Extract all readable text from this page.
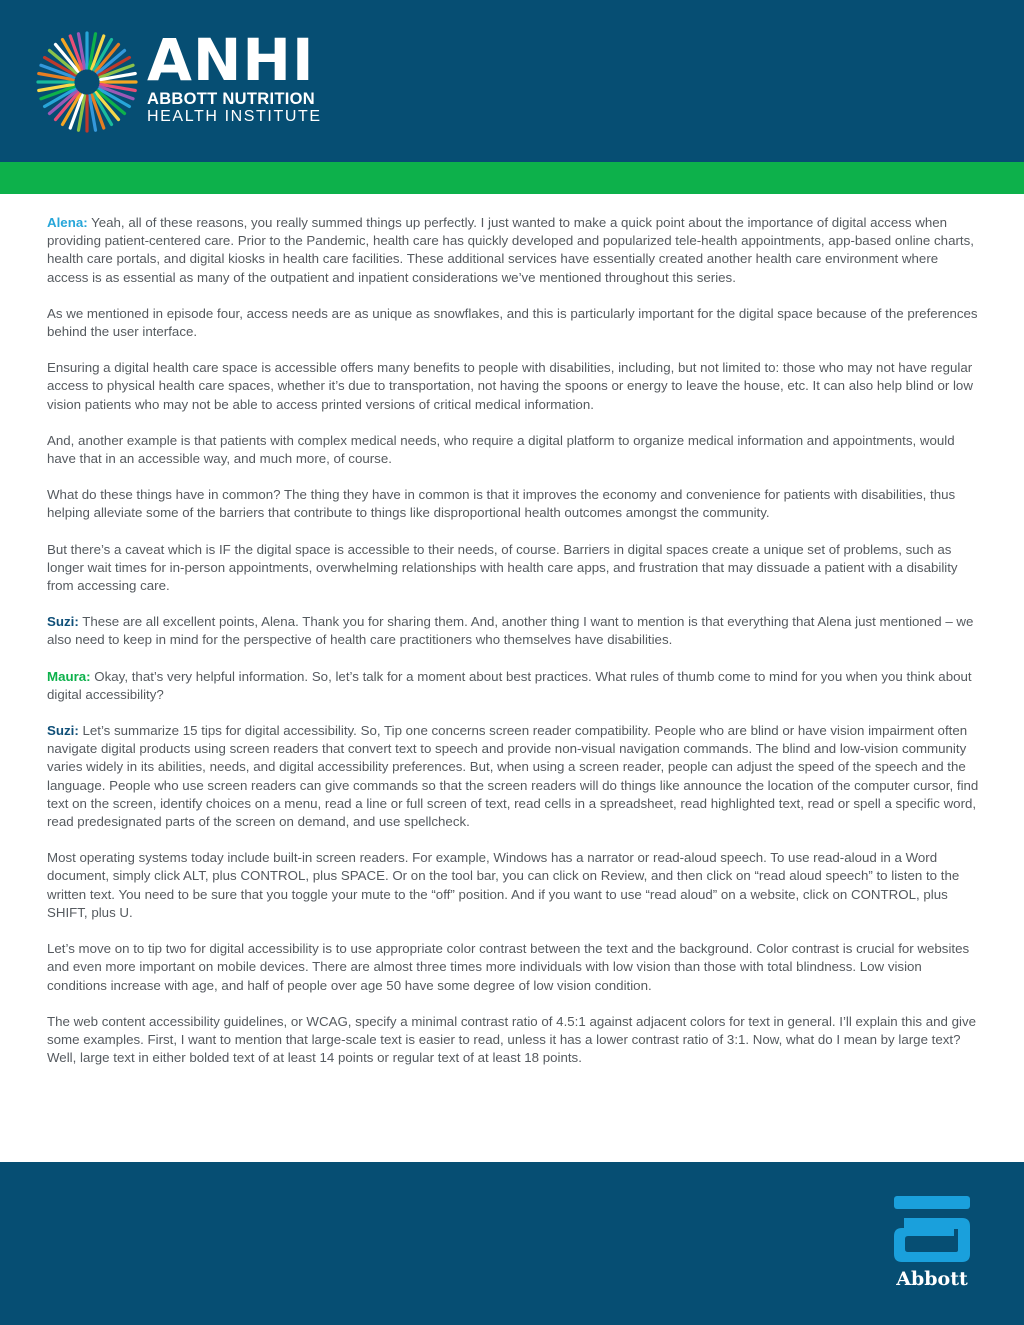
ANHI
ABBOTT NUTRITION
HEALTH INSTITUTE

Alena: Yeah, all of these reasons, you really summed things up perfectly. I just wanted to make a quick point about the importance of digital access when providing patient-centered care. Prior to the Pandemic, health care has quickly developed and popularized tele-health appointments, app-based online charts, health care portals, and digital kiosks in health care facilities. These additional services have essentially created another health care environment where access is as essential as many of the outpatient and inpatient considerations we’ve mentioned throughout this series.

As we mentioned in episode four, access needs are as unique as snowflakes, and this is particularly important for the digital space because of the preferences behind the user interface.

Ensuring a digital health care space is accessible offers many benefits to people with disabilities, including, but not limited to: those who may not have regular access to physical health care spaces, whether it’s due to transportation, not having the spoons or energy to leave the house, etc. It can also help blind or low vision patients who may not be able to access printed versions of critical medical information.

And, another example is that patients with complex medical needs, who require a digital platform to organize medical information and appointments, would have that in an accessible way, and much more, of course.

What do these things have in common? The thing they have in common is that it improves the economy and convenience for patients with disabilities, thus helping alleviate some of the barriers that contribute to things like disproportional health outcomes amongst the community.

But there’s a caveat which is IF the digital space is accessible to their needs, of course. Barriers in digital spaces create a unique set of problems, such as longer wait times for in-person appointments, overwhelming relationships with health care apps, and frustration that may dissuade a patient with a disability from accessing care.

Suzi: These are all excellent points, Alena. Thank you for sharing them. And, another thing I want to mention is that everything that Alena just mentioned – we also need to keep in mind for the perspective of health care practitioners who themselves have disabilities.

Maura: Okay, that’s very helpful information. So, let’s talk for a moment about best practices. What rules of thumb come to mind for you when you think about digital accessibility?

Suzi: Let’s summarize 15 tips for digital accessibility. So, Tip one concerns screen reader compatibility. People who are blind or have vision impairment often navigate digital products using screen readers that convert text to speech and provide non-visual navigation commands. The blind and low-vision community varies widely in its abilities, needs, and digital accessibility preferences. But, when using a screen reader, people can adjust the speed of the speech and the language. People who use screen readers can give commands so that the screen readers will do things like announce the location of the computer cursor, find text on the screen, identify choices on a menu, read a line or full screen of text, read cells in a spreadsheet, read highlighted text, read or spell a specific word, read predesignated parts of the screen on demand, and use spellcheck.

Most operating systems today include built-in screen readers. For example, Windows has a narrator or read-aloud speech. To use read-aloud in a Word document, simply click ALT, plus CONTROL, plus SPACE. Or on the tool bar, you can click on Review, and then click on “read aloud speech” to listen to the written text. You need to be sure that you toggle your mute to the “off” position. And if you want to use “read aloud” on a website, click on CONTROL, plus SHIFT, plus U.

Let’s move on to tip two for digital accessibility is to use appropriate color contrast between the text and the background. Color contrast is crucial for websites and even more important on mobile devices. There are almost three times more individuals with low vision than those with total blindness. Low vision conditions increase with age, and half of people over age 50 have some degree of low vision condition.

The web content accessibility guidelines, or WCAG, specify a minimal contrast ratio of 4.5:1 against adjacent colors for text in general. I’ll explain this and give some examples. First, I want to mention that large-scale text is easier to read, unless it has a lower contrast ratio of 3:1. Now, what do I mean by large text? Well, large text in either bolded text of at least 14 points or regular text of at least 18 points.

Abbott
